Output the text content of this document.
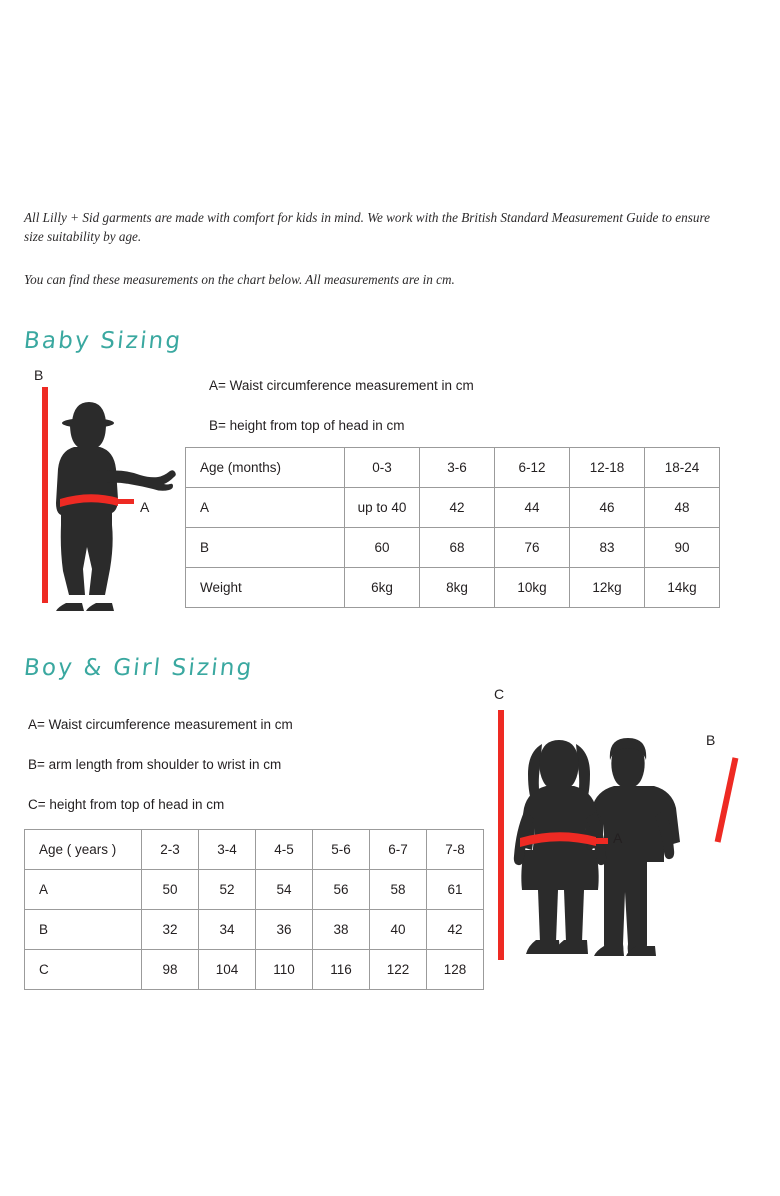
All Lilly + Sid garments are made with comfort for kids in mind. We work with the British Standard Measurement Guide to ensure size suitability by age.
You can find these measurements on the chart below. All measurements are in cm.
Baby Sizing
A= Waist circumference measurement in cm
B= height from top of head in cm
B
A
Age (months)	0-3	3-6	6-12	12-18	18-24
A	up to 40	42	44	46	48
B	60	68	76	83	90
Weight	6kg	8kg	10kg	12kg	14kg
Boy & Girl Sizing
A= Waist circumference measurement in cm
B= arm length from shoulder to wrist in cm
C= height from top of head in cm
Age ( years )	2-3	3-4	4-5	5-6	6-7	7-8
A	50	52	54	56	58	61
B	32	34	36	38	40	42
C	98	104	110	116	122	128
C
A
B
